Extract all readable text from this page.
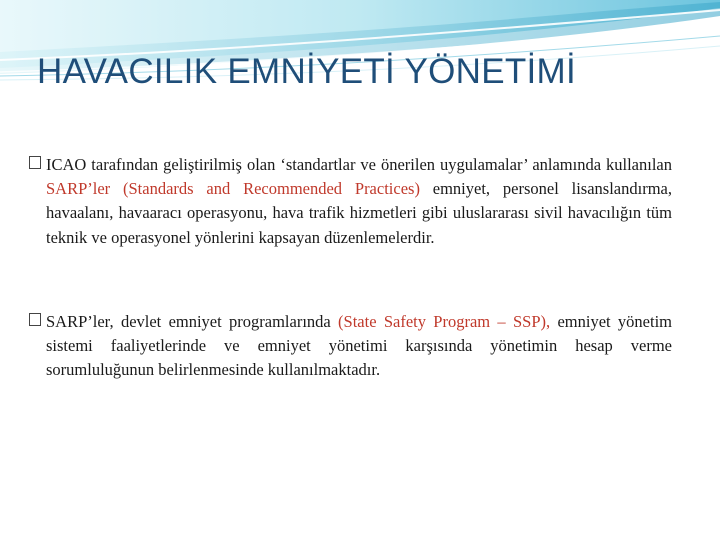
HAVACILIK EMNİYETİ YÖNETİMİ
ICAO tarafından geliştirilmiş olan ‘standartlar ve önerilen uygulamalar’ anlamında kullanılan SARP’ler (Standards and Recommended Practices) emniyet, personel lisanslandırma, havaalanı, havaaracı operasyonu, hava trafik hizmetleri gibi uluslararası sivil havacılığın tüm teknik ve operasyonel yönlerini kapsayan düzenlemelerdir.
SARP’ler, devlet emniyet programlarında (State Safety Program – SSP), emniyet yönetim sistemi faaliyetlerinde ve emniyet yönetimi karşısında yönetimin hesap verme sorumluluğunun belirlenmesinde kullanılmaktadır.
